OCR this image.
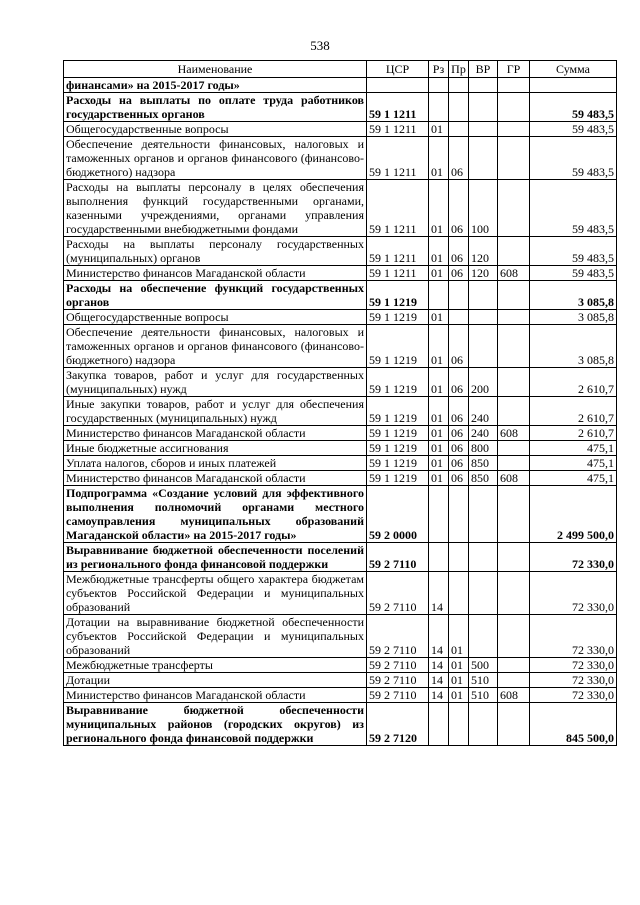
538
Наименование	ЦСР	Рз	Пр	ВР	ГР	Сумма
финансами» на 2015-2017 годы»						
Расходы на выплаты по оплате труда работников государственных органов	59 1 1211					59 483,5
Общегосударственные вопросы	59 1 1211	01				59 483,5
Обеспечение деятельности финансовых, налоговых и таможенных органов и органов финансового (финансово-бюджетного) надзора	59 1 1211	01	06			59 483,5
Расходы на выплаты персоналу в целях обеспечения выполнения функций государственными органами, казенными учреждениями, органами управления государственными внебюджетными фондами	59 1 1211	01	06	100		59 483,5
Расходы на выплаты персоналу государственных (муниципальных) органов	59 1 1211	01	06	120		59 483,5
Министерство финансов Магаданской области	59 1 1211	01	06	120	608	59 483,5
Расходы на обеспечение функций государственных органов	59 1 1219					3 085,8
Общегосударственные вопросы	59 1 1219	01				3 085,8
Обеспечение деятельности финансовых, налоговых и таможенных органов и органов финансового (финансово-бюджетного) надзора	59 1 1219	01	06			3 085,8
Закупка товаров, работ и услуг для государственных (муниципальных) нужд	59 1 1219	01	06	200		2 610,7
Иные закупки товаров, работ и услуг для обеспечения государственных (муниципальных) нужд	59 1 1219	01	06	240		2 610,7
Министерство финансов Магаданской области	59 1 1219	01	06	240	608	2 610,7
Иные бюджетные ассигнования	59 1 1219	01	06	800		475,1
Уплата налогов, сборов и иных платежей	59 1 1219	01	06	850		475,1
Министерство финансов Магаданской области	59 1 1219	01	06	850	608	475,1
Подпрограмма «Создание условий для эффективного выполнения полномочий органами местного самоуправления муниципальных образований Магаданской области» на 2015-2017 годы»	59 2 0000					2 499 500,0
Выравнивание бюджетной обеспеченности поселений из регионального фонда финансовой поддержки	59 2 7110					72 330,0
Межбюджетные трансферты общего характера бюджетам субъектов Российской Федерации и муниципальных образований	59 2 7110	14				72 330,0
Дотации на выравнивание бюджетной обеспеченности субъектов Российской Федерации и муниципальных образований	59 2 7110	14	01			72 330,0
Межбюджетные трансферты	59 2 7110	14	01	500		72 330,0
Дотации	59 2 7110	14	01	510		72 330,0
Министерство финансов Магаданской области	59 2 7110	14	01	510	608	72 330,0
Выравнивание бюджетной обеспеченности муниципальных районов (городских округов) из регионального фонда финансовой поддержки	59 2 7120					845 500,0
